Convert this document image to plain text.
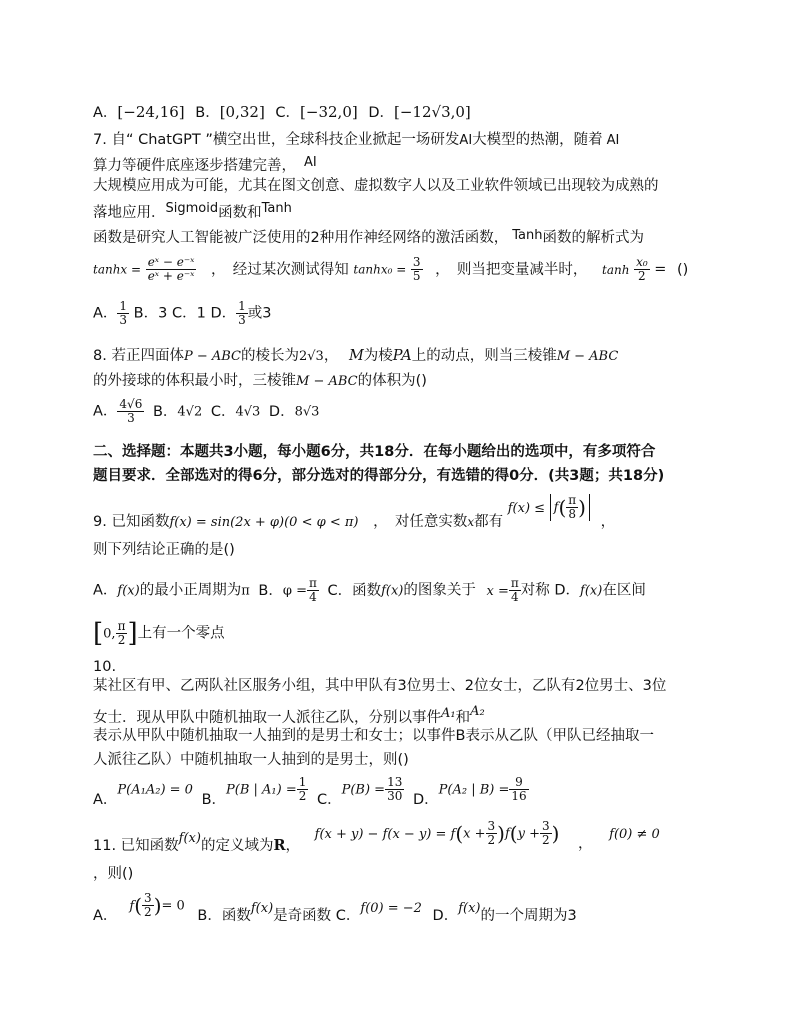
A．[−24,16] B．[0,32] C．[−32,0] D．[−12√3,0]
7. 自“ ChatGPT ”横空出世，全球科技企业掀起一场研发AI大模型的热潮，随着 AI
算力等硬件底座逐步搭建完善， AI
大规模应用成为可能，尤其在图文创意、虚拟数字人以及工业软件领域已出现较为成熟的
落地应用．Sigmoid函数和Tanh
函数是研究人工智能被广泛使用的2种用作神经网络的激活函数， Tanh函数的解析式为
$\tanh x = \frac{\text{eˣ − e⁻ˣ}}{\text{eˣ + e⁻ˣ}}$ ，　经过某次测试得知 $\tanh x_0 = \frac{3}{5}$ ，　则当把变量减半时， $\tanh \frac{\text{x₀}}{2}$ = ()
A． $\frac{1}{3}$ B．3 C．1 D． $\frac{1}{3}$ 或3
8. 若正四面体P − ABC的棱长为2√3， M为棱PA上的动点，则当三棱锥M − ABC
的外接球的体积最小时，三棱锥M − ABC的体积为()
A． $\frac{4√6}{3}$ B．4√2 C．4√3 D．8√3
二、选择题：本题共3小题，每小题6分，共18分．在每小题给出的选项中，有多项符合
题目要求．全部选对的得6分，部分选对的得部分分，有选错的得0分．(共3题；共18分)
9. 已知函数f(x) = sin(2x + φ)(0 < φ < π) ，　对任意实数$_x$都有 $f(x) \le f( \frac{\pi}{8}$ ) ，
则下列结论正确的是()
A．f(x)的最小正周期为π B．$\varphi = \frac{\pi}{4}$ C．函数f(x)的图象关于 $x = \frac{\pi}{4}$ 对称 D．f(x)在区间
[0, $\frac{\pi}{2}$ ]上有一个零点
10.
某社区有甲、乙两队社区服务小组，其中甲队有3位男士、2位女士，乙队有2位男士、3位
女士．现从甲队中随机抽取一人派往乙队，分别以事件A₁和A₂
表示从甲队中随机抽取一人抽到的是男士和女士；以事件B表示从乙队（甲队已经抽取一
人派往乙队）中随机抽取一人抽到的是男士，则()
A．P(A₁A₂) = 0 B．P(B | $A_1) = \frac{1}{2}$ C．$P(B) = \frac{13}{30}$ D．P(A₂ | $B) = \frac{9}{16}$
11. 已知函数f(x)的定义域为R， $f(x + y) - f(x - y) = f(x + \frac{3}{2} )f(y + \frac{3}{2}$ ) ， f(0) ≠ 0
，则()
A．$f( \frac{3}{2}$ )= 0 B．函数f(x)是奇函数 C．f(0) = −2 D．f(x)的一个周期为3
